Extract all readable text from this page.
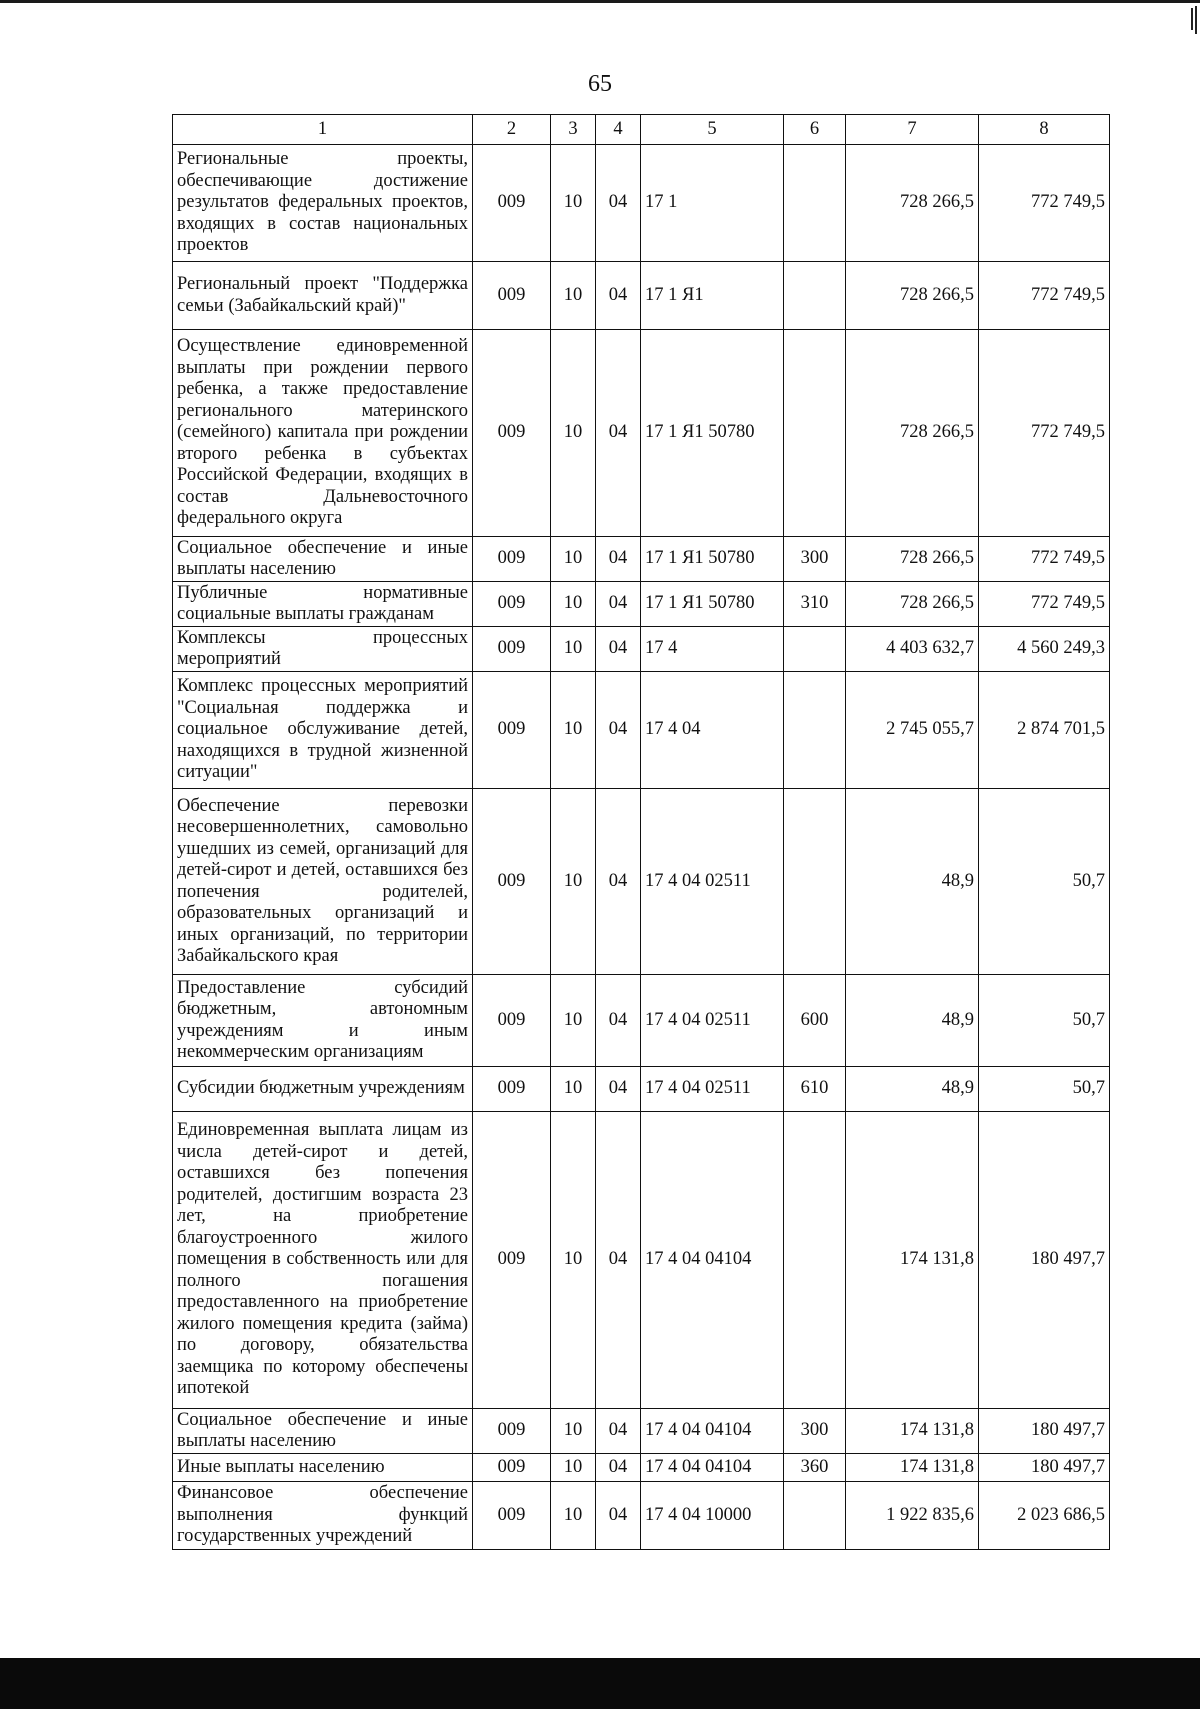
65
1	2	3	4	5	6	7	8
Региональные проекты, обеспечивающие достижение результатов федеральных проектов, входящих в состав национальных проектов	009	10	04	17 1		728 266,5	772 749,5
Региональный проект "Поддержка семьи (Забайкальский край)"	009	10	04	17 1 Я1		728 266,5	772 749,5
Осуществление единовременной выплаты при рождении первого ребенка, а также предоставление регионального материнского (семейного) капитала при рождении второго ребенка в субъектах Российской Федерации, входящих в состав Дальневосточного федерального округа	009	10	04	17 1 Я1 50780		728 266,5	772 749,5
Социальное обеспечение и иные выплаты населению	009	10	04	17 1 Я1 50780	300	728 266,5	772 749,5
Публичные нормативные социальные выплаты гражданам	009	10	04	17 1 Я1 50780	310	728 266,5	772 749,5
Комплексы процессных мероприятий	009	10	04	17 4		4 403 632,7	4 560 249,3
Комплекс процессных мероприятий "Социальная поддержка и социальное обслуживание детей, находящихся в трудной жизненной ситуации"	009	10	04	17 4 04		2 745 055,7	2 874 701,5
Обеспечение перевозки несовершеннолетних, самовольно ушедших из семей, организаций для детей-сирот и детей, оставшихся без попечения родителей, образовательных организаций и иных организаций, по территории Забайкальского края	009	10	04	17 4 04 02511		48,9	50,7
Предоставление субсидий бюджетным, автономным учреждениям и иным некоммерческим организациям	009	10	04	17 4 04 02511	600	48,9	50,7
Субсидии бюджетным учреждениям	009	10	04	17 4 04 02511	610	48,9	50,7
Единовременная выплата лицам из числа детей-сирот и детей, оставшихся без попечения родителей, достигшим возраста 23 лет, на приобретение благоустроенного жилого помещения в собственность или для полного погашения предоставленного на приобретение жилого помещения кредита (займа) по договору, обязательства заемщика по которому обеспечены ипотекой	009	10	04	17 4 04 04104		174 131,8	180 497,7
Социальное обеспечение и иные выплаты населению	009	10	04	17 4 04 04104	300	174 131,8	180 497,7
Иные выплаты населению	009	10	04	17 4 04 04104	360	174 131,8	180 497,7
Финансовое обеспечение выполнения функций государственных учреждений	009	10	04	17 4 04 10000		1 922 835,6	2 023 686,5
